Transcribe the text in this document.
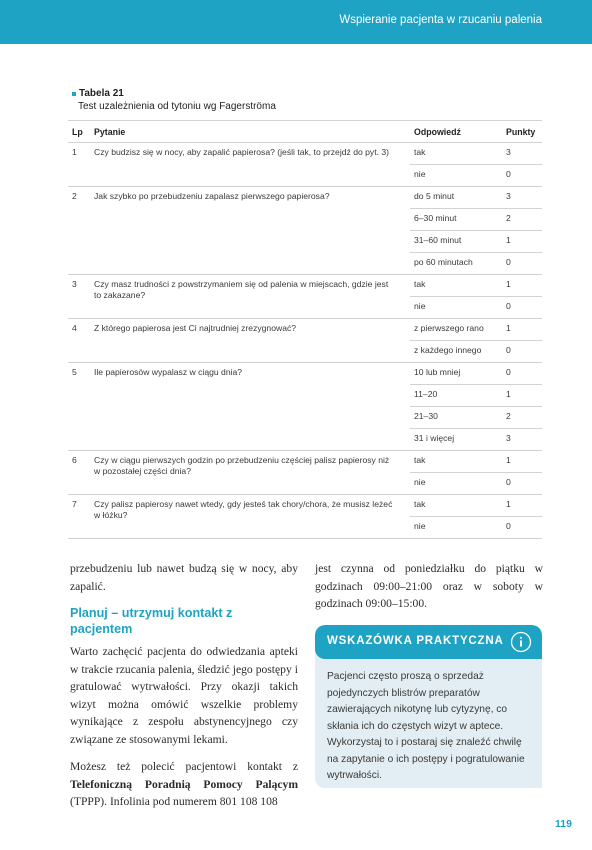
Wspieranie pacjenta w rzucaniu palenia
Tabela 21
Test uzależnienia od tytoniu wg Fagerströma
Lp	Pytanie	Odpowiedź	Punkty
1	Czy budzisz się w nocy, aby zapalić papierosa? (jeśli tak, to przejdź do pyt. 3)	tak	3
		nie	0
2	Jak szybko po przebudzeniu zapalasz pierwszego papierosa?	do 5 minut	3
		6–30 minut	2
		31–60 minut	1
		po 60 minutach	0
3	Czy masz trudności z powstrzymaniem się od palenia w miejscach, gdzie jest to zakazane?	tak	1
		nie	0
4	Z którego papierosa jest Ci najtrudniej zrezygnować?	z pierwszego rano	1
		z każdego innego	0
5	Ile papierosów wypalasz w ciągu dnia?	10 lub mniej	0
		11–20	1
		21–30	2
		31 i więcej	3
6	Czy w ciągu pierwszych godzin po przebudzeniu częściej palisz papierosy niż w pozostałej części dnia?	tak	1
		nie	0
7	Czy palisz papierosy nawet wtedy, gdy jesteś tak chory/chora, że musisz leżeć w łóżku?	tak	1
		nie	0

przebudzeniu lub nawet budzą się w nocy, aby zapalić.

Planuj – utrzymuj kontakt z pacjentem

Warto zachęcić pacjenta do odwiedzania apteki w trakcie rzucania palenia, śledzić jego postępy i gratulować wytrwałości. Przy okazji takich wizyt można omówić wszelkie problemy wynikające z zespołu abstynencyjnego czy związane ze stosowanymi lekami.

Możesz też polecić pacjentowi kontakt z Telefoniczną Poradnią Pomocy Palącym (TPPP). Infolinia pod numerem 801 108 108

jest czynna od poniedziałku do piątku w godzinach 09:00–21:00 oraz w soboty w godzinach 09:00–15:00.

WSKAZÓWKA PRAKTYCZNA
Pacjenci często proszą o sprzedaż pojedynczych blistrów preparatów zawierających nikotynę lub cytyzynę, co skłania ich do częstych wizyt w aptece. Wykorzystaj to i postaraj się znaleźć chwilę na zapytanie o ich postępy i pogratulowanie wytrwałości.
119
